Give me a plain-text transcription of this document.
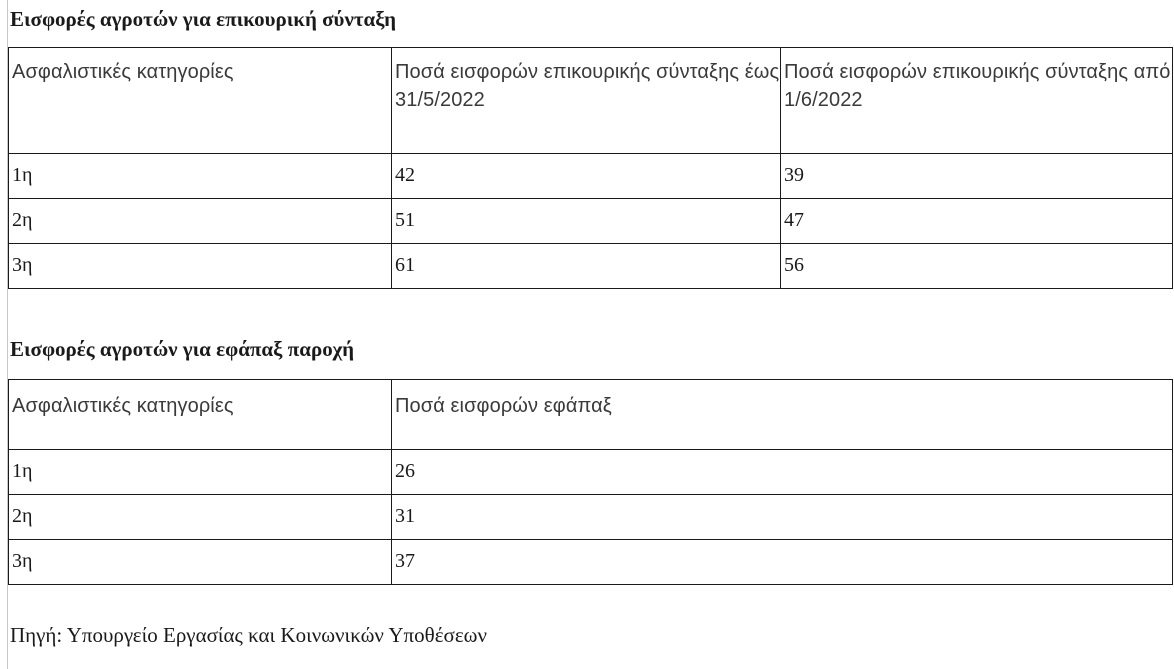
Εισφορές αγροτών για επικουρική σύνταξη
Ασφαλιστικές κατηγορίες	Ποσά εισφορών επικουρικής σύνταξης έως 31/5/2022	Ποσά εισφορών επικουρικής σύνταξης από 1/6/2022
1η	42	39
2η	51	47
3η	61	56
Εισφορές αγροτών για εφάπαξ παροχή
Ασφαλιστικές κατηγορίες	Ποσά εισφορών εφάπαξ
1η	26
2η	31
3η	37
Πηγή: Υπουργείο Εργασίας και Κοινωνικών Υποθέσεων
